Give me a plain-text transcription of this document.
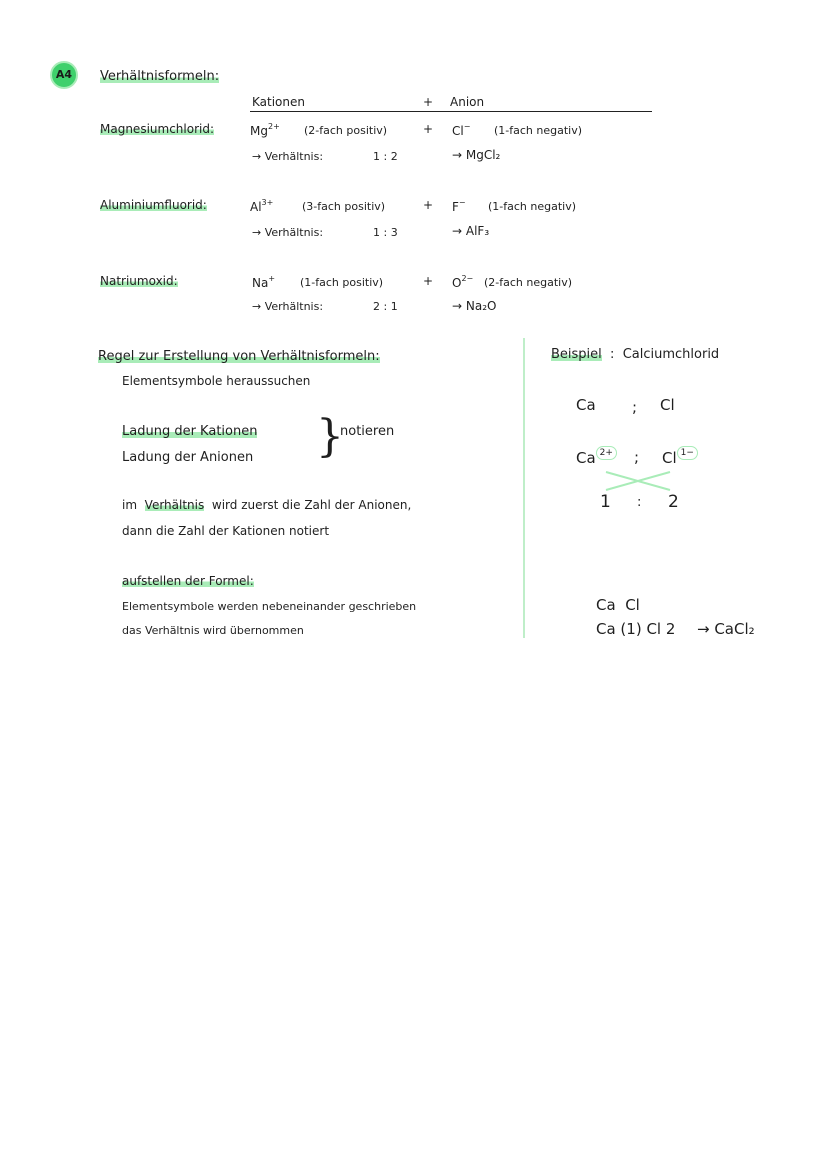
A4	Verhältnisformeln:
Kationen	+ Anion
Magnesiumchlorid:	$Mg^{2+}$ (2-fach positiv)	+ Cl− (1-fach negativ)
→ Verhältnis:	1 : 2	→ MgCl₂
Aluminiumfluorid:	$Al^{3+}$	(3-fach positiv)	+ F− (1-fach negativ)
→ Verhältnis:	1 : 3	→ AlF₃
Natriumoxid:	Na+ (1-fach positiv)	+ $O^{2-}$ (2-fach negativ)
→ Verhältnis:	2 : 1	→ Na₂O
Regel zur Erstellung von Verhältnisformeln:
Elementsymbole heraussuchen
Ladung der Kationen
Ladung der Anionen }
notieren
im Verhältnis wird zuerst die Zahl der Anionen,
dann die Zahl der Kationen notiert
aufstellen der Formel:
Elementsymbole werden nebeneinander geschrieben
das Verhältnis wird übernommen
Beispiel : Calciumchlorid
Ca ; Cl
Ca 2+ ; Cl 1−
1 : 2
Ca  Cl
Ca (1) Cl 2 → CaCl₂
